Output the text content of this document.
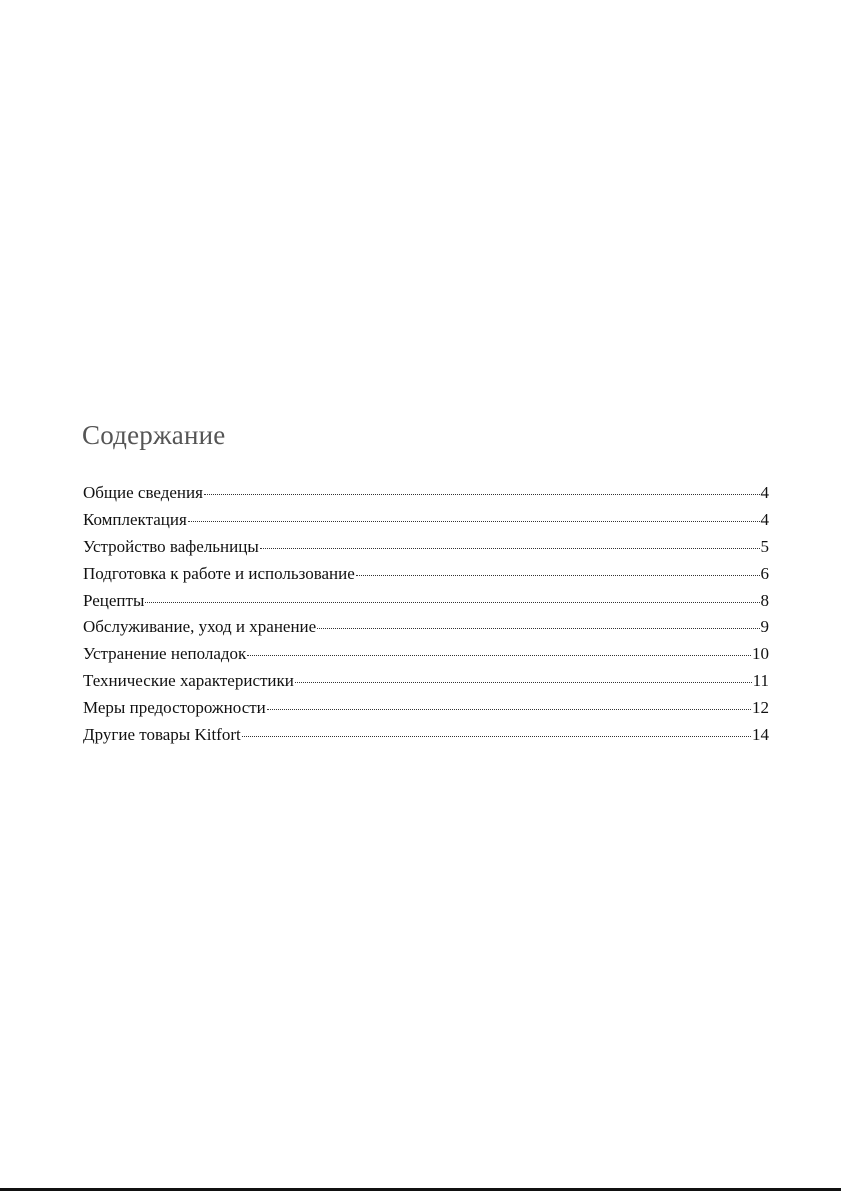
Содержание
Общие сведения	4
Комплектация	4
Устройство вафельницы	5
Подготовка к работе и использование	6
Рецепты	8
Обслуживание, уход и хранение	9
Устранение неполадок	10
Технические характеристики	11
Меры предосторожности	12
Другие товары Kitfort	14
